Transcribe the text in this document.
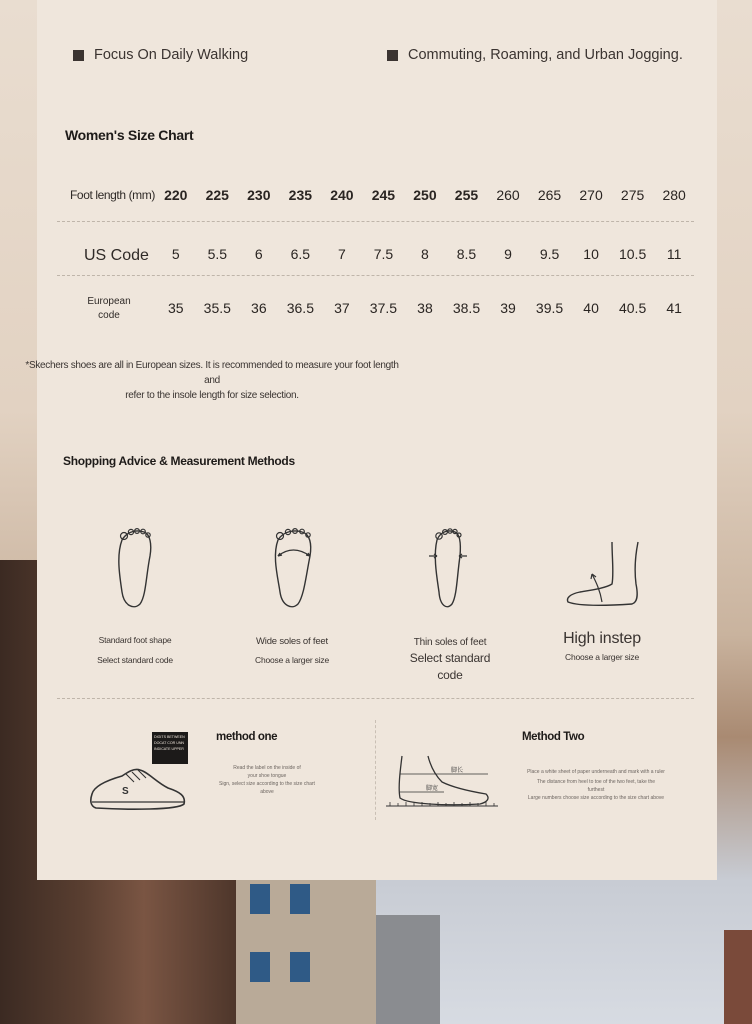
Focus On Daily Walking	Commuting, Roaming, and Urban Jogging.
Women's Size Chart
Foot length (mm) 220	225	230	235	240	245	250	255	260	265	270	275	280
US Code	5	5.5	6	6.5	7	7.5	8	8.5	9	9.5	10	10.5	11
European
code	35	35.5	36	36.5	37	37.5	38	38.5	39	39.5	40	40.5	41
*Skechers shoes are all in European sizes. It is recommended to measure your foot length and
refer to the insole length for size selection.
Shopping Advice & Measurement Methods
Standard foot shape
Select standard code
Wide soles of feet
Choose a larger size
Thin soles of feet
Select standard
code
High instep
Choose a larger size
method one
DIGITS BETWEEN
DOCAT COR UNN
INDICATE UPPER
S
Read the label on the inside of
your shoe tongue
Sign, select size according to the size chart
above
Method Two
脚长
脚宽
Place a white sheet of paper underneath and mark with a ruler
The distance from heel to toe of the two feet, take the
furthest
Large numbers choose size according to the size chart above
